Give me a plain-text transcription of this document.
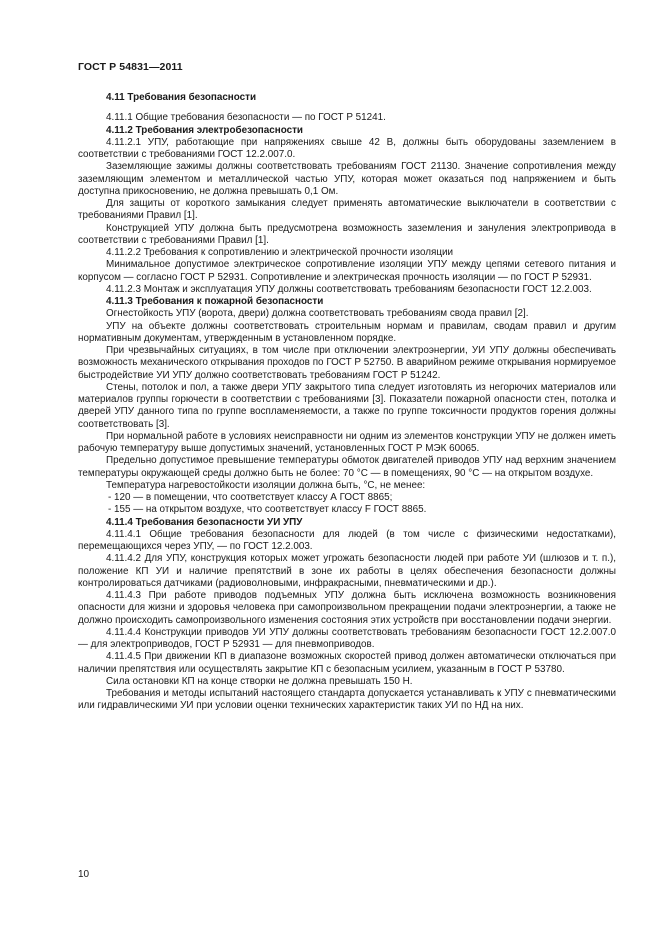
ГОСТ Р 54831—2011

4.11 Требования безопасности

4.11.1 Общие требования безопасности — по ГОСТ Р 51241.

4.11.2 Требования электробезопасности

4.11.2.1 УПУ, работающие при напряжениях свыше 42 В, должны быть оборудованы заземлением в соответствии с требованиями ГОСТ 12.2.007.0.

Заземляющие зажимы должны соответствовать требованиям ГОСТ 21130. Значение сопротивления между заземляющим элементом и металлической частью УПУ, которая может оказаться под напряжением и быть доступна прикосновению, не должна превышать 0,1 Ом.

Для защиты от короткого замыкания следует применять автоматические выключатели в соответствии с требованиями Правил [1].

Конструкцией УПУ должна быть предусмотрена возможность заземления и зануления электропривода в соответствии с требованиями Правил [1].

4.11.2.2 Требования к сопротивлению и электрической прочности изоляции

Минимальное допустимое электрическое сопротивление изоляции УПУ между цепями сетевого питания и корпусом — согласно ГОСТ Р 52931. Сопротивление и электрическая прочность изоляции — по ГОСТ Р 52931.

4.11.2.3 Монтаж и эксплуатация УПУ должны соответствовать требованиям безопасности ГОСТ 12.2.003.

4.11.3 Требования к пожарной безопасности

Огнестойкость УПУ (ворота, двери) должна соответствовать требованиям свода правил [2].

УПУ на объекте должны соответствовать строительным нормам и правилам, сводам правил и другим нормативным документам, утвержденным в установленном порядке.

При чрезвычайных ситуациях, в том числе при отключении электроэнергии, УИ УПУ должны обеспечивать возможность механического открывания проходов по ГОСТ Р 52750. В аварийном режиме открывания нормируемое быстродействие УИ УПУ должно соответствовать требованиям ГОСТ Р 51242.

Стены, потолок и пол, а также двери УПУ закрытого типа следует изготовлять из негорючих материалов или материалов группы горючести в соответствии с требованиями [3]. Показатели пожарной опасности стен, потолка и дверей УПУ данного типа по группе воспламеняемости, а также по группе токсичности продуктов горения должны соответствовать [3].

При нормальной работе в условиях неисправности ни одним из элементов конструкции УПУ не должен иметь рабочую температуру выше допустимых значений, установленных ГОСТ Р МЭК 60065.

Предельно допустимое превышение температуры обмоток двигателей приводов УПУ над верхним значением температуры окружающей среды должно быть не более: 70 °С — в помещениях, 90 °С — на открытом воздухе.

Температура нагревостойкости изоляции должна быть, °С, не менее:

- 120 — в помещении, что соответствует классу А ГОСТ 8865;

- 155 — на открытом воздухе, что соответствует классу F ГОСТ 8865.

4.11.4 Требования безопасности УИ УПУ

4.11.4.1 Общие требования безопасности для людей (в том числе с физическими недостатками), перемещающихся через УПУ, — по ГОСТ 12.2.003.

4.11.4.2 Для УПУ, конструкция которых может угрожать безопасности людей при работе УИ (шлюзов и т. п.), положение КП УИ и наличие препятствий в зоне их работы в целях обеспечения безопасности должны контролироваться датчиками (радиоволновыми, инфракрасными, пневматическими и др.).

4.11.4.3 При работе приводов подъемных УПУ должна быть исключена возможность возникновения опасности для жизни и здоровья человека при самопроизвольном прекращении подачи электроэнергии, а также не должно происходить самопроизвольного изменения состояния этих устройств при восстановлении подачи энергии.

4.11.4.4 Конструкции приводов УИ УПУ должны соответствовать требованиям безопасности ГОСТ 12.2.007.0 — для электроприводов, ГОСТ Р 52931 — для пневмоприводов.

4.11.4.5 При движении КП в диапазоне возможных скоростей привод должен автоматически отключаться при наличии препятствия или осуществлять закрытие КП с безопасным усилием, указанным в ГОСТ Р 53780.

Сила остановки КП на конце створки не должна превышать 150 Н.

Требования и методы испытаний настоящего стандарта допускается устанавливать к УПУ с пневматическими или гидравлическими УИ при условии оценки технических характеристик таких УИ по НД на них.

10
